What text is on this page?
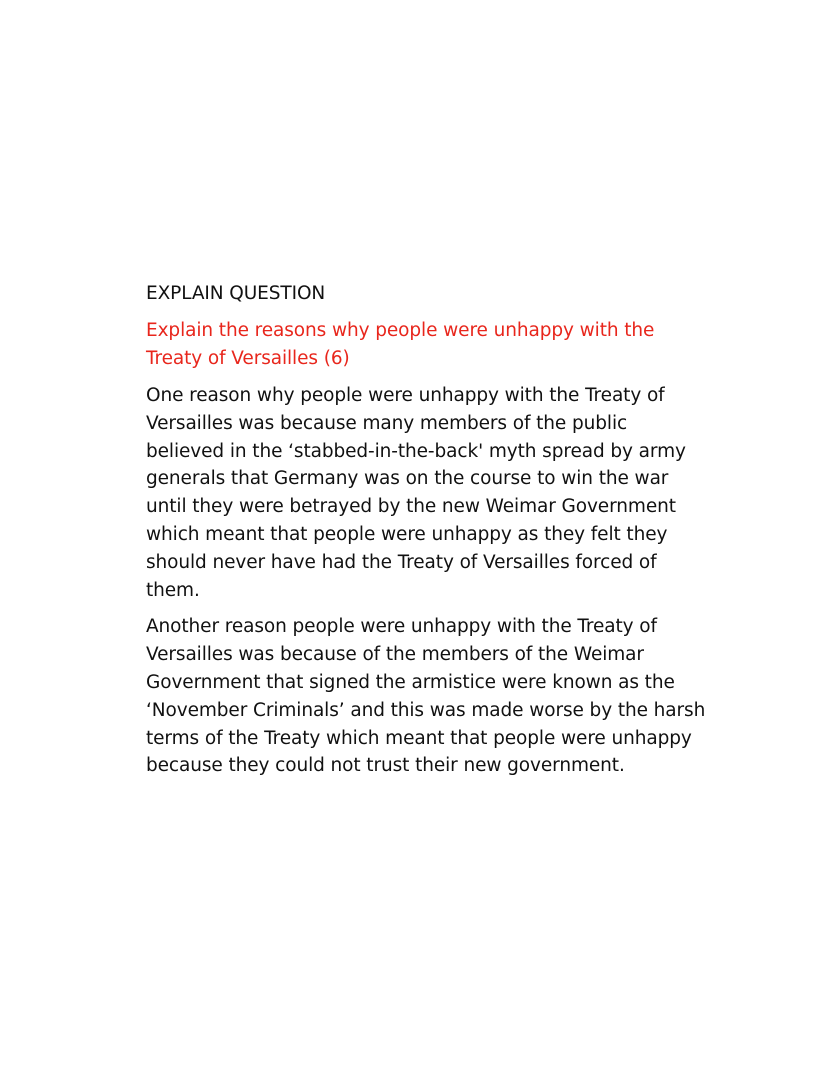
EXPLAIN QUESTION

Explain the reasons why people were unhappy with the Treaty of Versailles (6)

One reason why people were unhappy with the Treaty of Versailles was because many members of the public believed in the ‘stabbed-in-the-back' myth spread by army generals that Germany was on the course to win the war until they were betrayed by the new Weimar Government which meant that people were unhappy as they felt they should never have had the Treaty of Versailles forced of them.

Another reason people were unhappy with the Treaty of Versailles was because of the members of the Weimar Government that signed the armistice were known as the ‘November Criminals’ and this was made worse by the harsh terms of the Treaty which meant that people were unhappy because they could not trust their new government.
